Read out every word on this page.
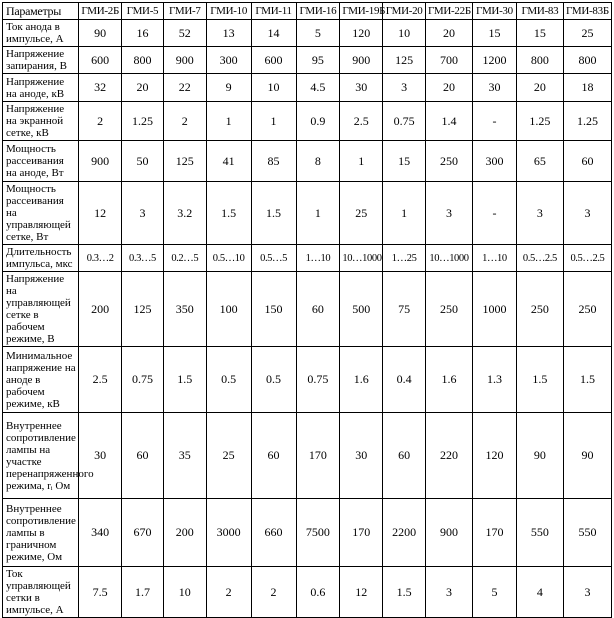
Параметры	ГМИ-2Б	ГМИ-5	ГМИ-7	ГМИ-10	ГМИ-11	ГМИ-16	ГМИ-19Б	ГМИ-20	ГМИ-22Б	ГМИ-30	ГМИ-83	ГМИ-83Б
Ток анода в импульсе, А	90	16	52	13	14	5	120	10	20	15	15	25
Напряжение запирания, В	600	800	900	300	600	95	900	125	700	1200	800	800
Напряжение на аноде, кВ	32	20	22	9	10	4.5	30	3	20	30	20	18
Напряжение на экранной сетке, кВ	2	1.25	2	1	1	0.9	2.5	0.75	1.4	-	1.25	1.25
Мощность рассеивания на аноде, Вт	900	50	125	41	85	8	1	15	250	300	65	60
Мощность рассеивания на управляющей сетке, Вт	12	3	3.2	1.5	1.5	1	25	1	3	-	3	3
Длительность импульса, мкс	0.3…2	0.3…5	0.2…5	0.5…10	0.5…5	1…10	10…1000	1…25	10…1000	1…10	0.5…2.5	0.5…2.5
Напряжение на управляющей сетке в рабочем режиме, В	200	125	350	100	150	60	500	75	250	1000	250	250
Минимальное напряжение на аноде в рабочем режиме, кВ	2.5	0.75	1.5	0.5	0.5	0.75	1.6	0.4	1.6	1.3	1.5	1.5
Внутреннее сопротивление лампы на участке перенапряженного режима, rᵢ Ом	30	60	35	25	60	170	30	60	220	120	90	90
Внутреннее сопротивление лампы в граничном режиме, Ом	340	670	200	3000	660	7500	170	2200	900	170	550	550
Ток управляющей сетки в импульсе, А	7.5	1.7	10	2	2	0.6	12	1.5	3	5	4	3
